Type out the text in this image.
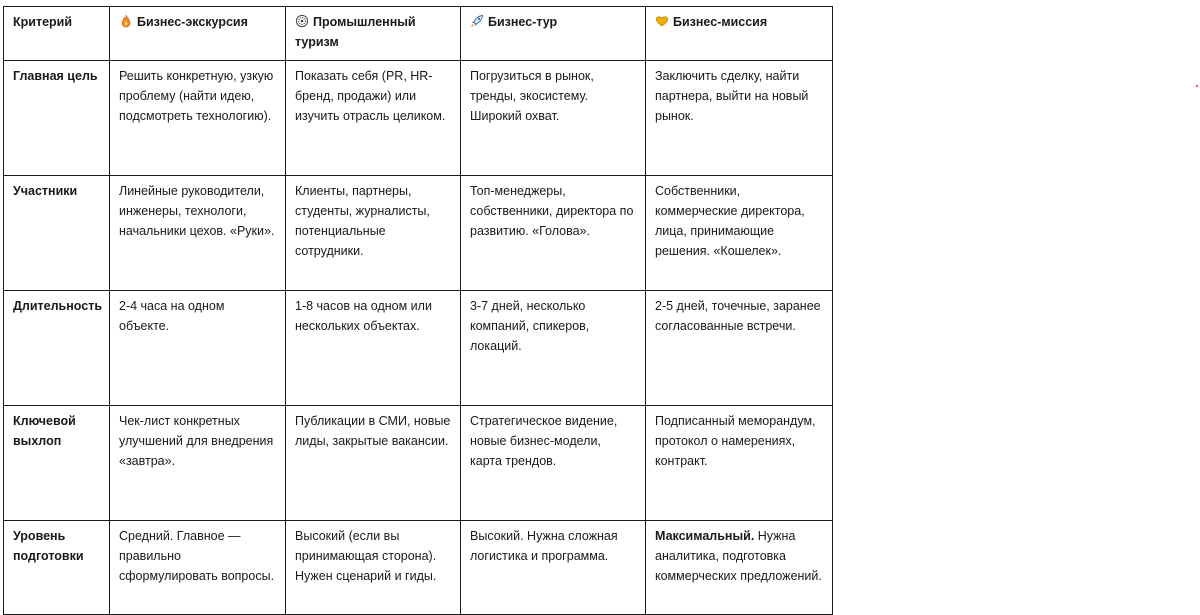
Критерий	Бизнес-экскурсия	Промышленный туризм	Бизнес-тур	Бизнес-миссия
Главная цель	Решить конкретную, узкую проблему (найти идею, подсмотреть технологию).	Показать себя (PR, HR-бренд, продажи) или изучить отрасль целиком.	Погрузиться в рынок, тренды, экосистему. Широкий охват.	Заключить сделку, найти партнера, выйти на новый рынок.
Участники	Линейные руководители, инженеры, технологи, начальники цехов. «Руки».	Клиенты, партнеры, студенты, журналисты, потенциальные сотрудники.	Топ-менеджеры, собственники, директора по развитию. «Голова».	Собственники, коммерческие директора, лица, принимающие решения. «Кошелек».
Длительность	2-4 часа на одном объекте.	1-8 часов на одном или нескольких объектах.	3-7 дней, несколько компаний, спикеров, локаций.	2-5 дней, точечные, заранее согласованные встречи.
Ключевой выхлоп	Чек-лист конкретных улучшений для внедрения «завтра».	Публикации в СМИ, новые лиды, закрытые вакансии.	Стратегическое видение, новые бизнес-модели, карта трендов.	Подписанный меморандум, протокол о намерениях, контракт.
Уровень подготовки	Средний. Главное — правильно сформулировать вопросы.	Высокий (если вы принимающая сторона). Нужен сценарий и гиды.	Высокий. Нужна сложная логистика и программа.	Максимальный. Нужна аналитика, подготовка коммерческих предложений.
